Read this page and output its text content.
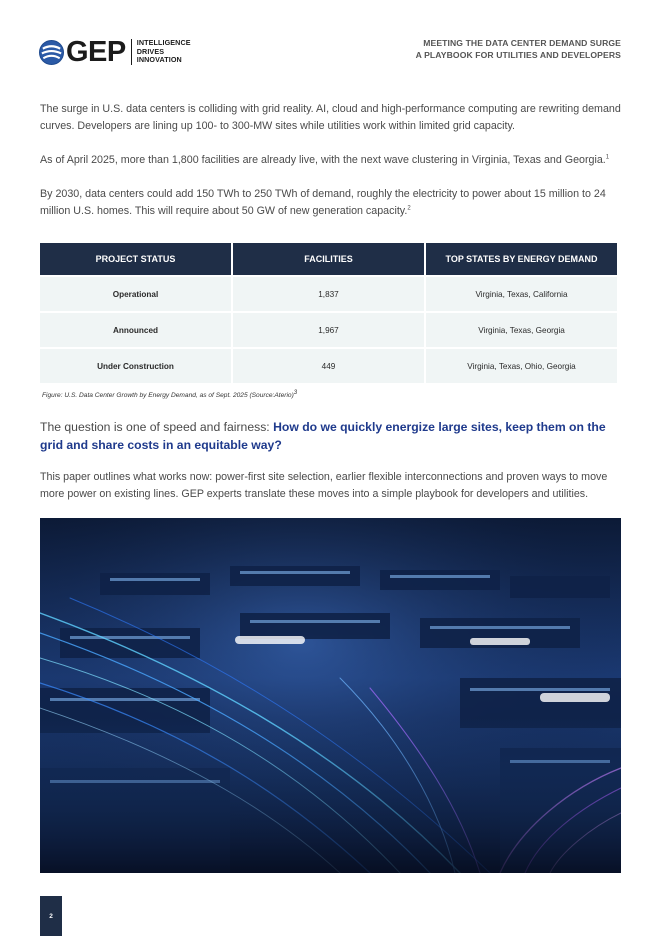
GEP INTELLIGENCE
DRIVES
INNOVATION
MEETING THE DATA CENTER DEMAND SURGE
A PLAYBOOK FOR UTILITIES AND DEVELOPERS

The surge in U.S. data centers is colliding with grid reality. AI, cloud and high-performance computing are rewriting demand curves. Developers are lining up 100- to 300-MW sites while utilities work within limited grid capacity.

As of April 2025, more than 1,800 facilities are already live, with the next wave clustering in Virginia, Texas and Georgia.$^1$

By 2030, data centers could add 150 TWh to 250 TWh of demand, roughly the electricity to power about 15 million to 24 million U.S. homes. This will require about 50 GW of new generation capacity.$^2$

PROJECT STATUS	FACILITIES	TOP STATES BY ENERGY DEMAND
Operational	1,837	Virginia, Texas, California
Announced	1,967	Virginia, Texas, Georgia
Under Construction	449	Virginia, Texas, Ohio, Georgia
Figure: U.S. Data Center Growth by Energy Demand, as of Sept. 2025 (Source:Aterio)$^3$

The question is one of speed and fairness: How do we quickly energize large sites, keep them on the grid and share costs in an equitable way?

This paper outlines what works now: power-first site selection, earlier flexible interconnections and proven ways to move more power on existing lines. GEP experts translate these moves into a simple playbook for developers and utilities.

2
